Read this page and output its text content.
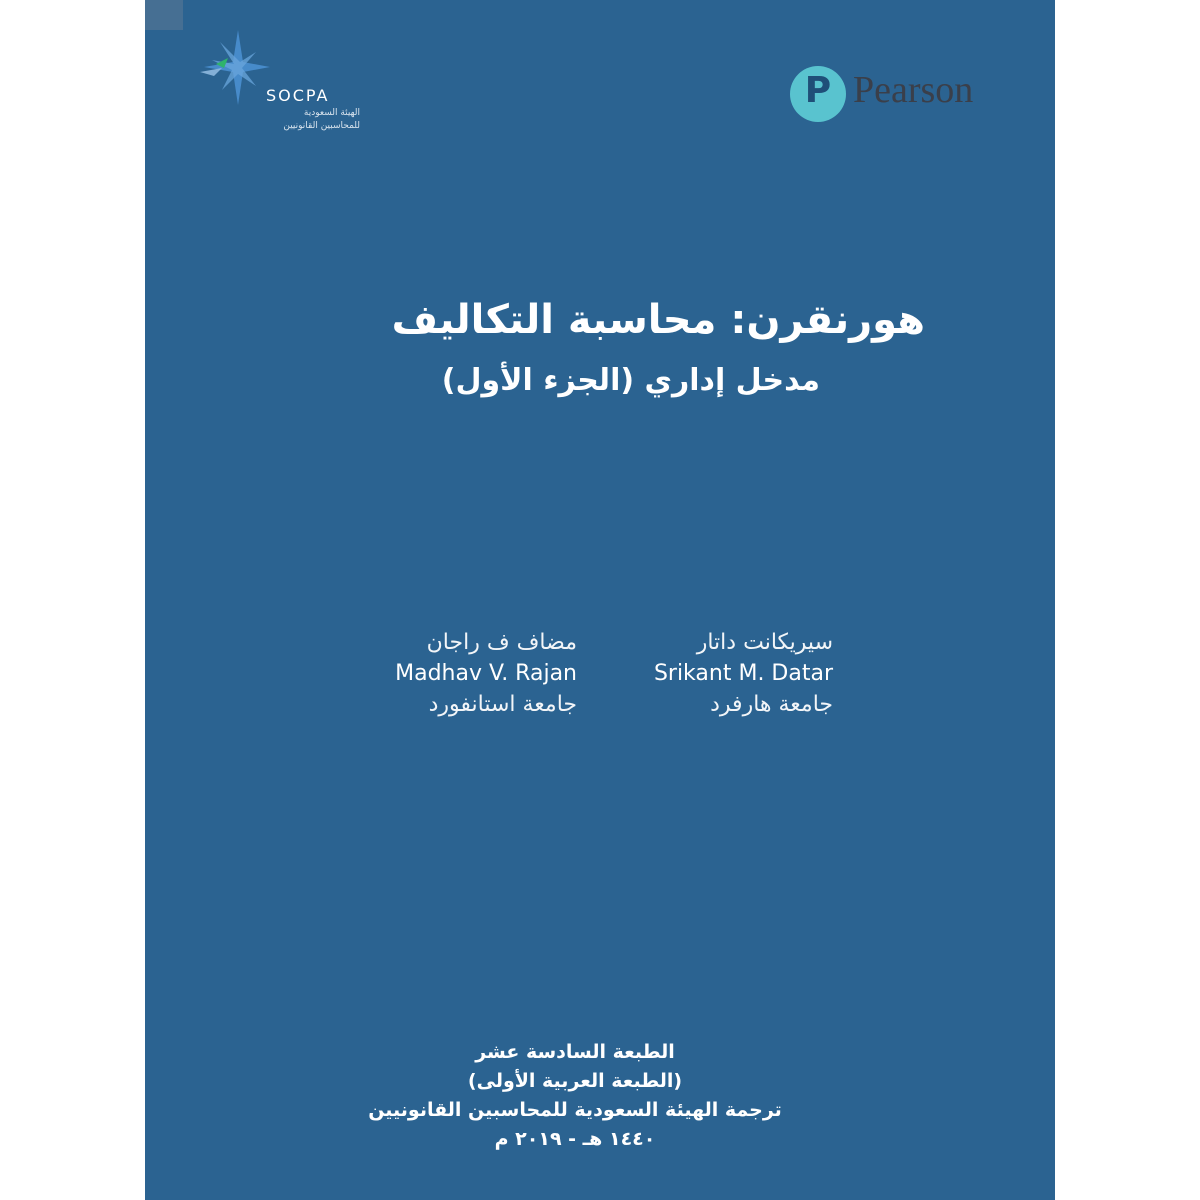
SOCPA
الهيئة السعودية
للمحاسبين القانونيين
P Pearson
هورنقرن: محاسبة التكاليف
مدخل إداري (الجزء الأول)
سيريكانت داتار
Srikant M. Datar
جامعة هارفرد
مضاف ف راجان
Madhav V. Rajan
جامعة استانفورد
الطبعة السادسة عشر
(الطبعة العربية الأولى)
ترجمة الهيئة السعودية للمحاسبين القانونيين
١٤٤٠ هـ - ٢٠١٩ م
